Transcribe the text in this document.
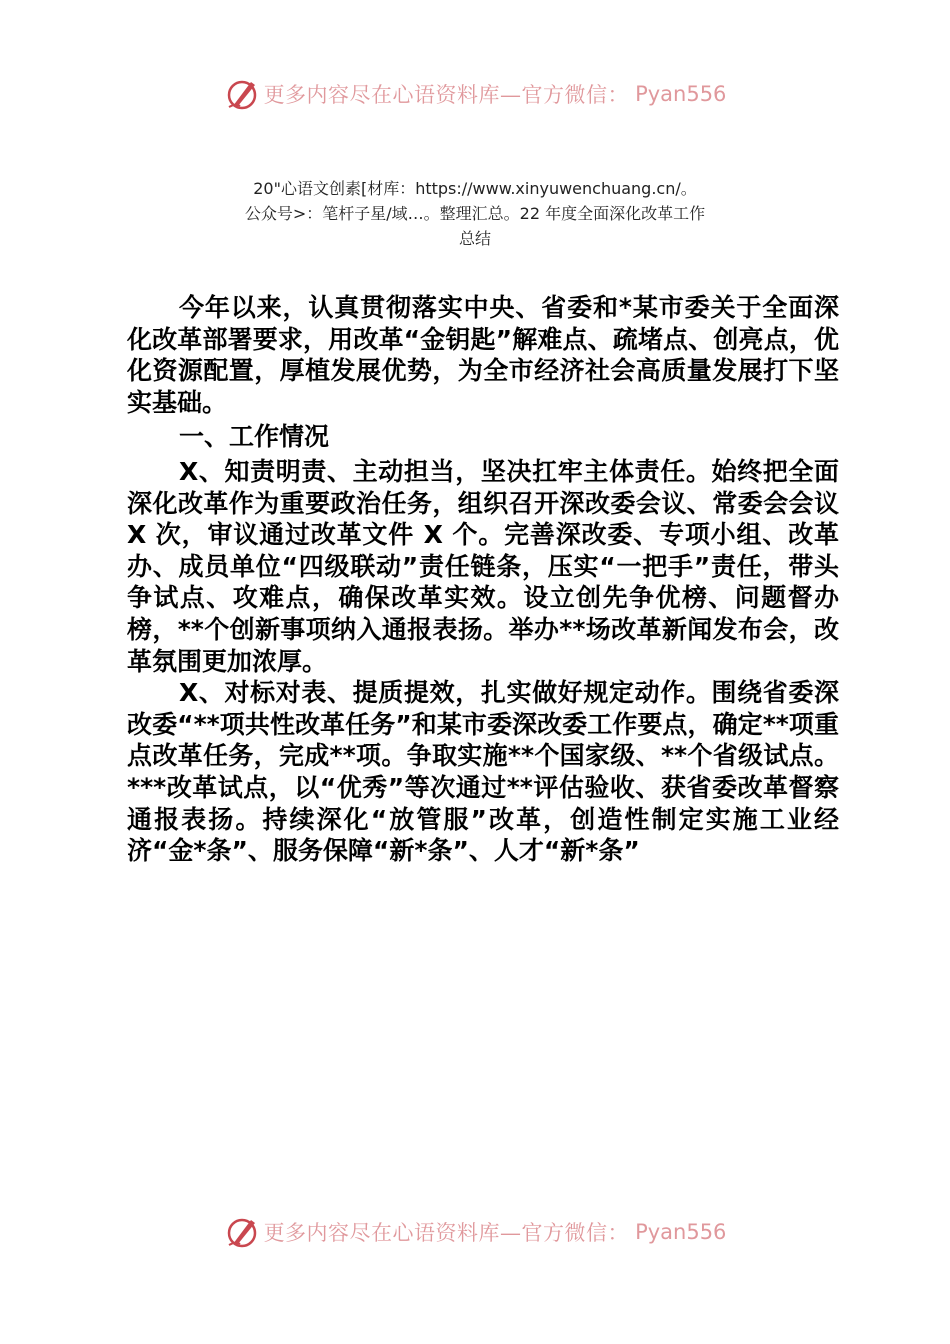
更多内容尽在心语资料库—官方微信： Pyan556
20"心语文创素[材库：https://www.xinyuwenchuang.cn/。
公众号>：笔杆子星/域…。整理汇总。22 年度全面深化改革工作
总结

今年以来，认真贯彻落实中央、省委和*某市委关于全面深化改革部署要求，用改革“金钥匙”解难点、疏堵点、创亮点，优化资源配置，厚植发展优势，为全市经济社会高质量发展打下坚实基础。

一、工作情况

X、知责明责、主动担当，坚决扛牢主体责任。始终把全面深化改革作为重要政治任务，组织召开深改委会议、常委会会议 X 次，审议通过改革文件 X 个。完善深改委、专项小组、改革办、成员单位“四级联动”责任链条，压实“一把手”责任，带头争试点、攻难点，确保改革实效。设立创先争优榜、问题督办榜，**个创新事项纳入通报表扬。举办**场改革新闻发布会，改革氛围更加浓厚。

X、对标对表、提质提效，扎实做好规定动作。围绕省委深改委“**项共性改革任务”和某市委深改委工作要点，确定**项重点改革任务，完成**项。争取实施**个国家级、**个省级试点。***改革试点，以“优秀”等次通过**评估验收、获省委改革督察通报表扬。持续深化“放管服”改革，创造性制定实施工业经济“金*条”、服务保障“新*条”、人才“新*条”

更多内容尽在心语资料库—官方微信： Pyan556
